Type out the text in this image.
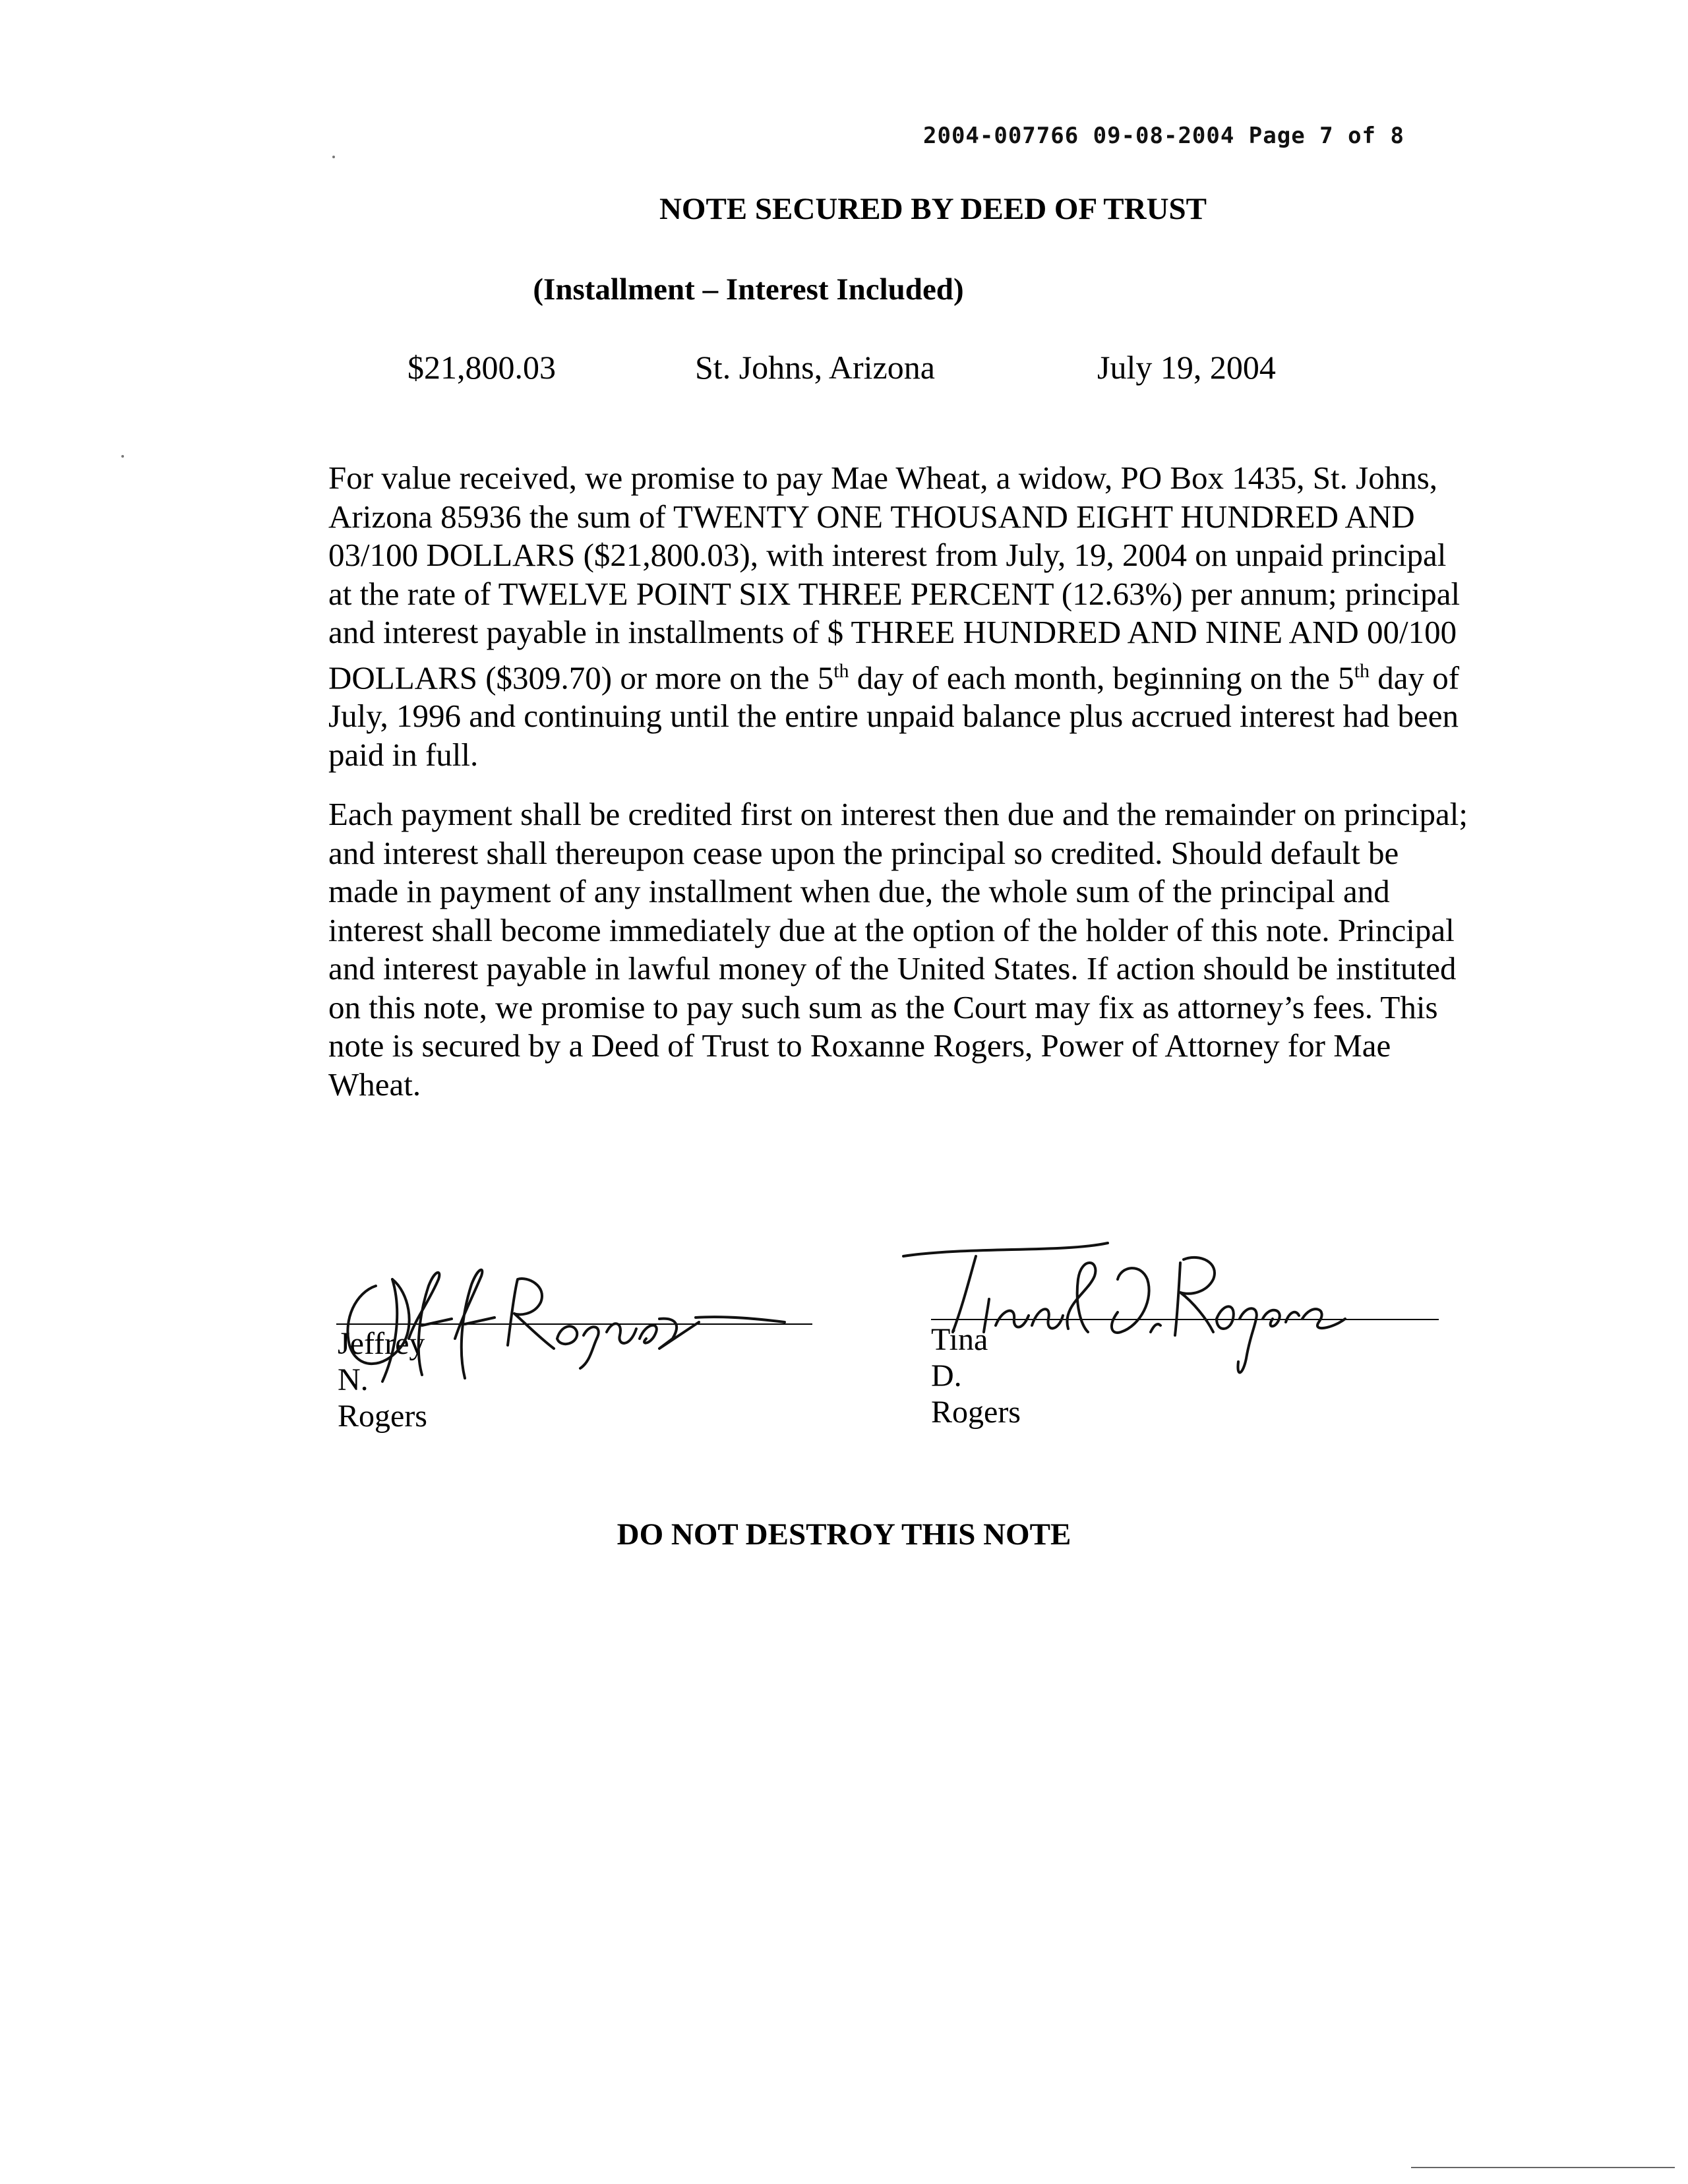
2004-007766 09-08-2004 Page 7 of 8
NOTE SECURED BY DEED OF TRUST
(Installment – Interest Included)
$21,800.03	St. Johns, Arizona	July 19, 2004
For value received, we promise to pay Mae Wheat, a widow, PO Box 1435, St. Johns, Arizona 85936 the sum of TWENTY ONE THOUSAND EIGHT HUNDRED AND 03/100 DOLLARS ($21,800.03), with interest from July, 19, 2004 on unpaid principal at the rate of TWELVE POINT SIX THREE PERCENT (12.63%) per annum; principal and interest payable in installments of $ THREE HUNDRED AND NINE AND 00/100 DOLLARS ($309.70) or more on the 5th day of each month, beginning on the 5th day of July, 1996 and continuing until the entire unpaid balance plus accrued interest had been paid in full.
Each payment shall be credited first on interest then due and the remainder on principal; and interest shall thereupon cease upon the principal so credited. Should default be made in payment of any installment when due, the whole sum of the principal and interest shall become immediately due at the option of the holder of this note. Principal and interest payable in lawful money of the United States. If action should be instituted on this note, we promise to pay such sum as the Court may fix as attorney’s fees. This note is secured by a Deed of Trust to Roxanne Rogers, Power of Attorney for Mae Wheat.
Jeffrey N. Rogers
Tina D. Rogers
DO NOT DESTROY THIS NOTE
